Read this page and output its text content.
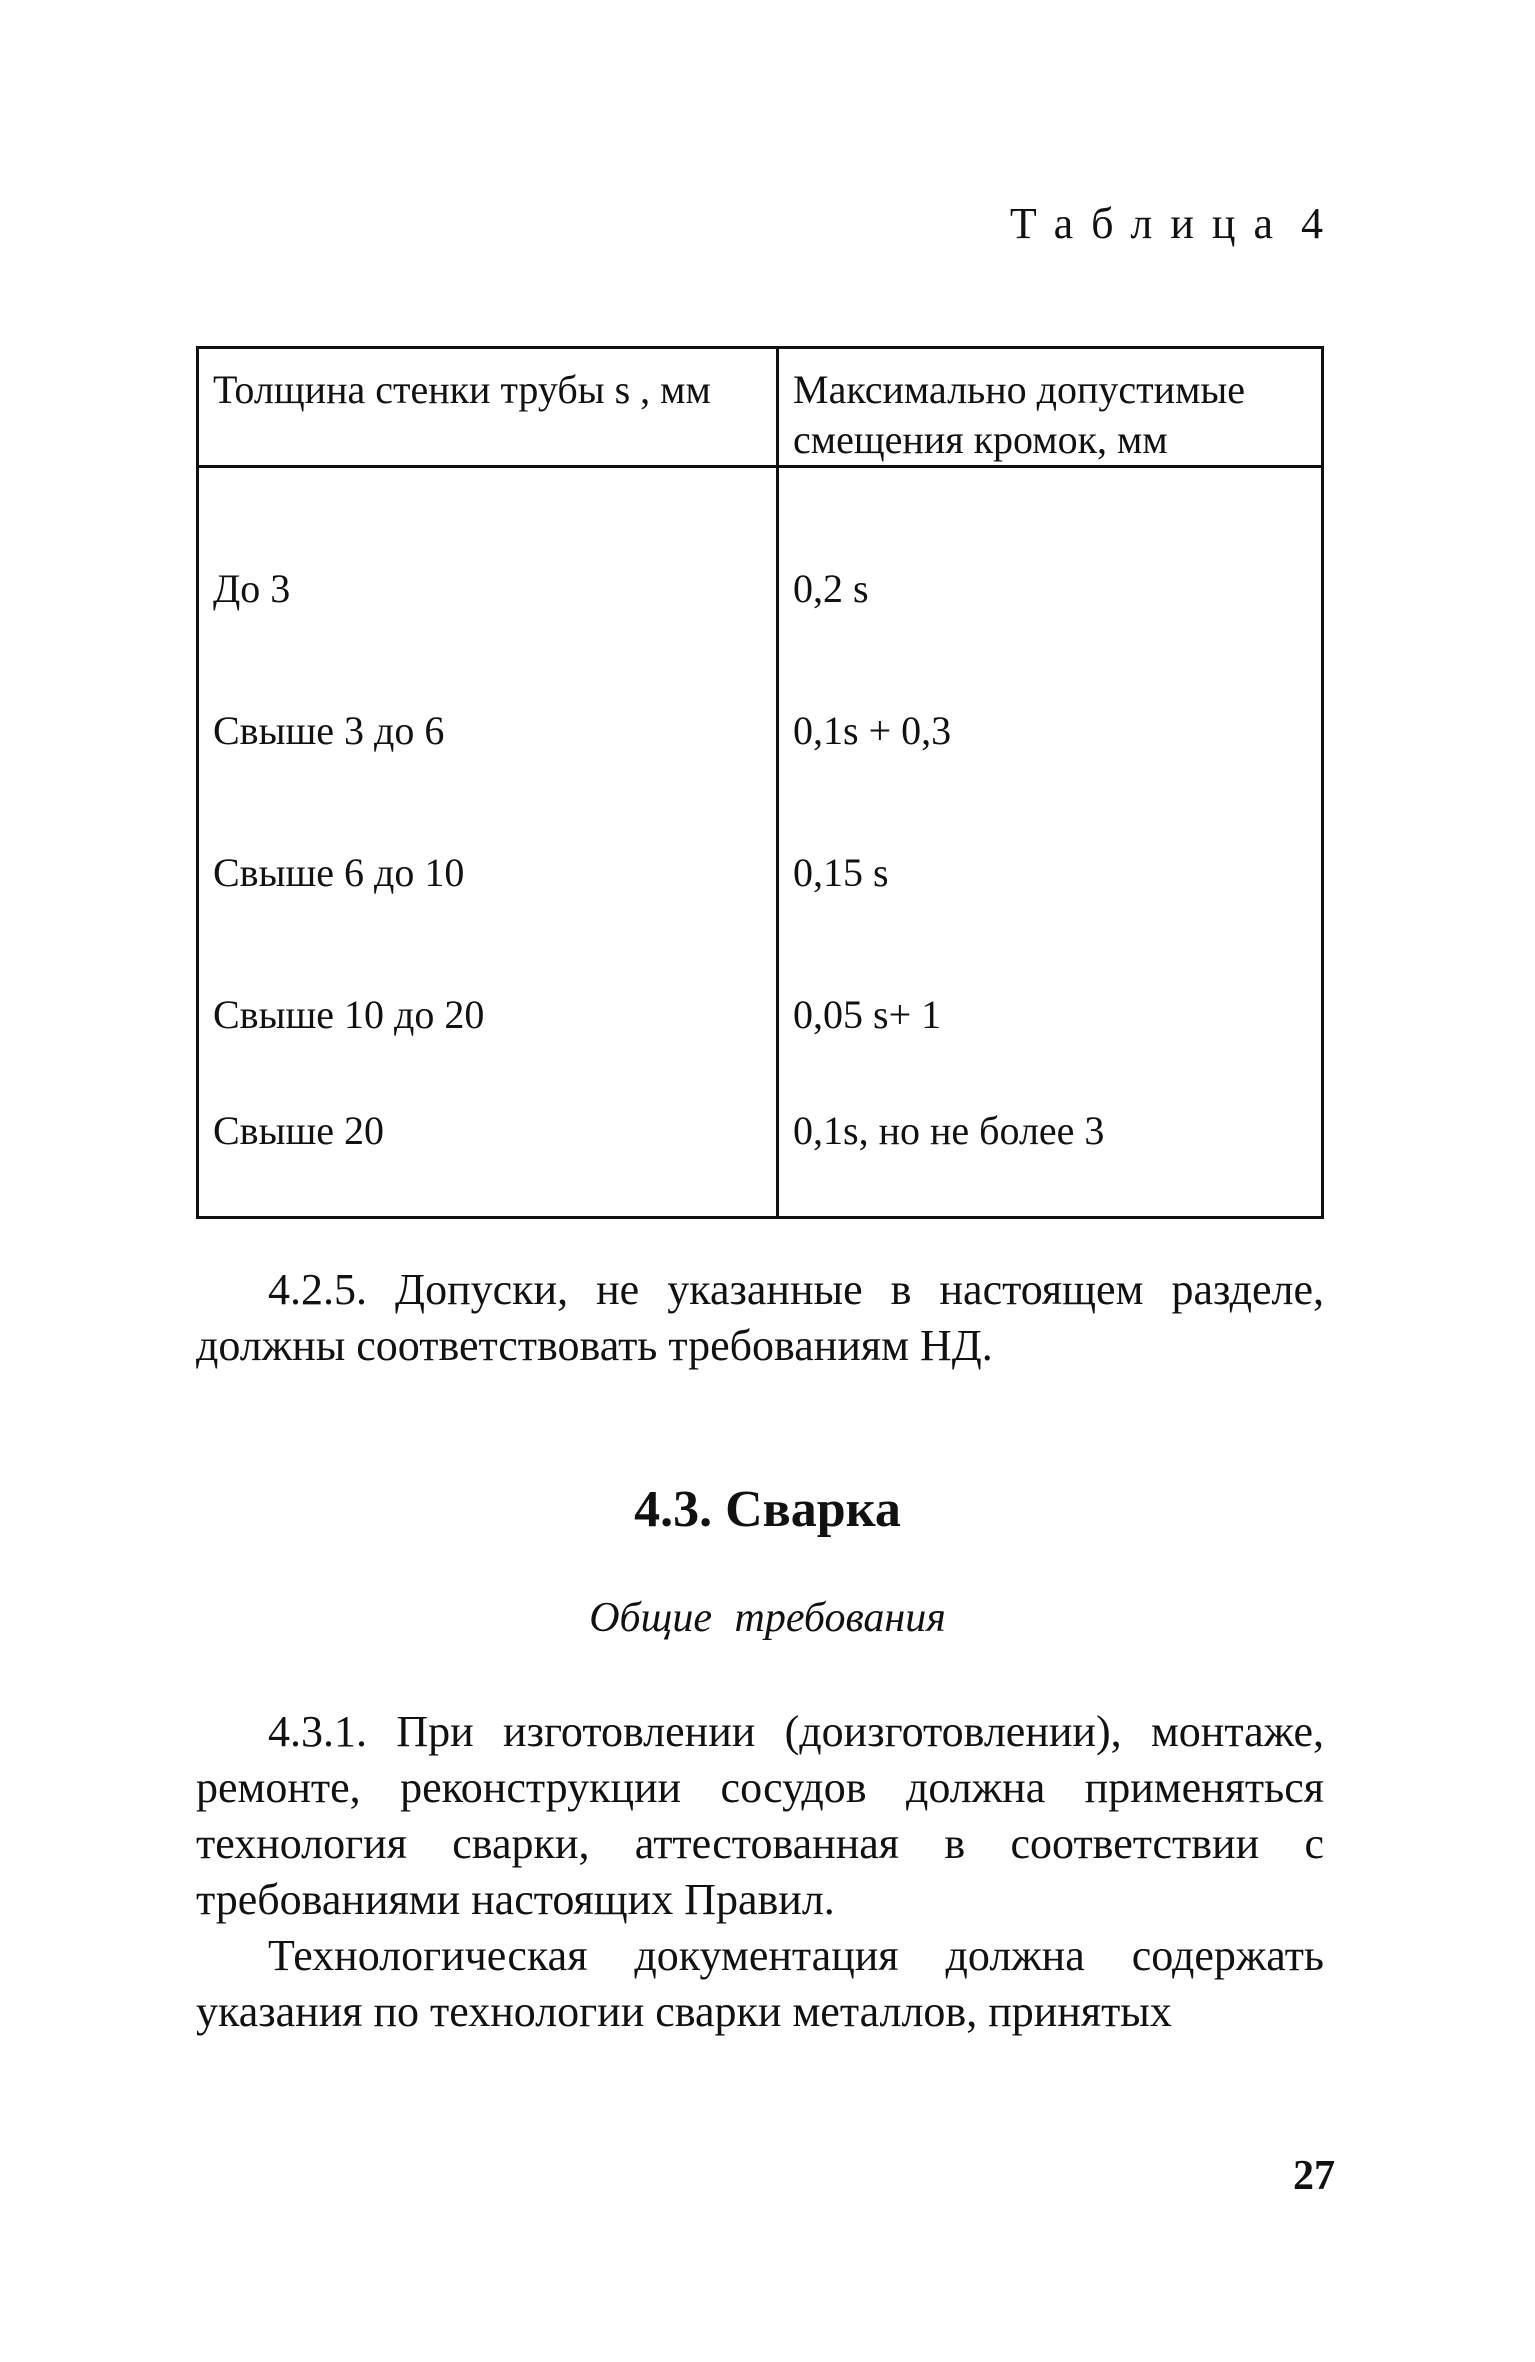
Таблица 4
Толщина стенки трубы s , мм	Максимально допустимые смещения кромок, мм
До 3	0,2 s
Свыше 3 до 6	0,1s + 0,3
Свыше 6 до 10	0,15 s
Свыше 10 до 20	0,05 s+ 1
Свыше 20	0,1s, но не более 3

4.2.5. Допуски, не указанные в настоящем разделе, должны соответствовать требованиям НД.

4.3. Сварка
Общие требования

4.3.1. При изготовлении (доизготовлении), монтаже, ремонте, реконструкции сосудов должна применяться технология сварки, аттестованная в соответствии с требованиями настоящих Правил.

Технологическая документация должна содержать указания по технологии сварки металлов, принятых

27
